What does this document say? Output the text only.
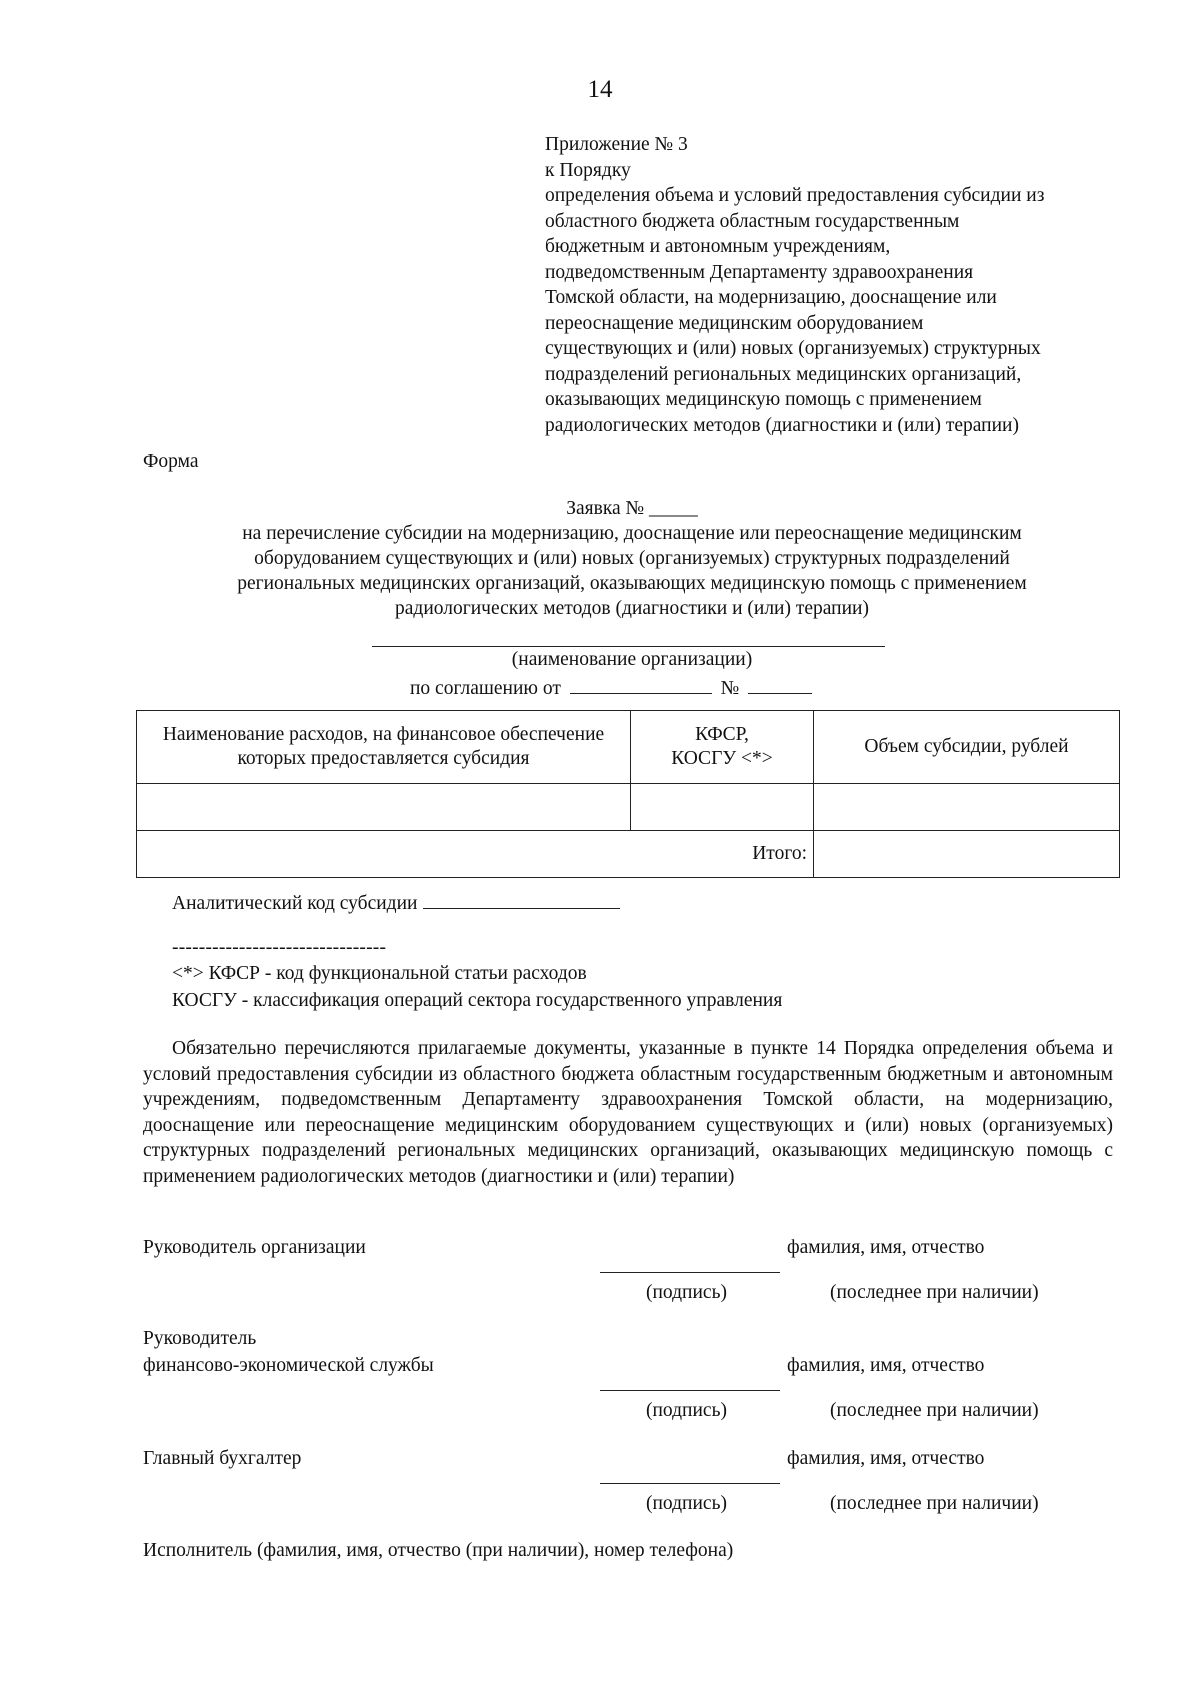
14
Приложение № 3
к Порядку
определения объема и условий предоставления субсидии из
областного бюджета областным государственным
бюджетным и автономным учреждениям,
подведомственным Департаменту здравоохранения
Томской области, на модернизацию, дооснащение или
переоснащение медицинским оборудованием
существующих и (или) новых (организуемых) структурных
подразделений региональных медицинских организаций,
оказывающих медицинскую помощь с применением
радиологических методов (диагностики и (или) терапии)
Форма
Заявка № _____
на перечисление субсидии на модернизацию, дооснащение или переоснащение медицинским
оборудованием существующих и (или) новых (организуемых) структурных подразделений
региональных медицинских организаций, оказывающих медицинскую помощь с применением
радиологических методов (диагностики и (или) терапии)
(наименование организации)
по соглашению от	№
Наименование расходов, на финансовое обеспечение которых предоставляется субсидия	КФСР, КОСГУ <*>	Объем субсидии, рублей

Итого:		
Аналитический код субсидии
--------------------------------
<*> КФСР - код функциональной статьи расходов
КОСГУ - классификация операций сектора государственного управления
Обязательно перечисляются прилагаемые документы, указанные в пункте 14 Порядка определения объема и условий предоставления субсидии из областного бюджета областным государственным бюджетным и автономным учреждениям, подведомственным Департаменту здравоохранения Томской области, на модернизацию, дооснащение или переоснащение медицинским оборудованием существующих и (или) новых (организуемых) структурных подразделений региональных медицинских организаций, оказывающих медицинскую помощь с применением радиологических методов (диагностики и (или) терапии)
Руководитель организации	фамилия, имя, отчество
(подпись)	(последнее при наличии)
Руководитель
финансово-экономической службы	фамилия, имя, отчество
(подпись)	(последнее при наличии)
Главный бухгалтер	фамилия, имя, отчество
(подпись)	(последнее при наличии)
Исполнитель (фамилия, имя, отчество (при наличии), номер телефона)
